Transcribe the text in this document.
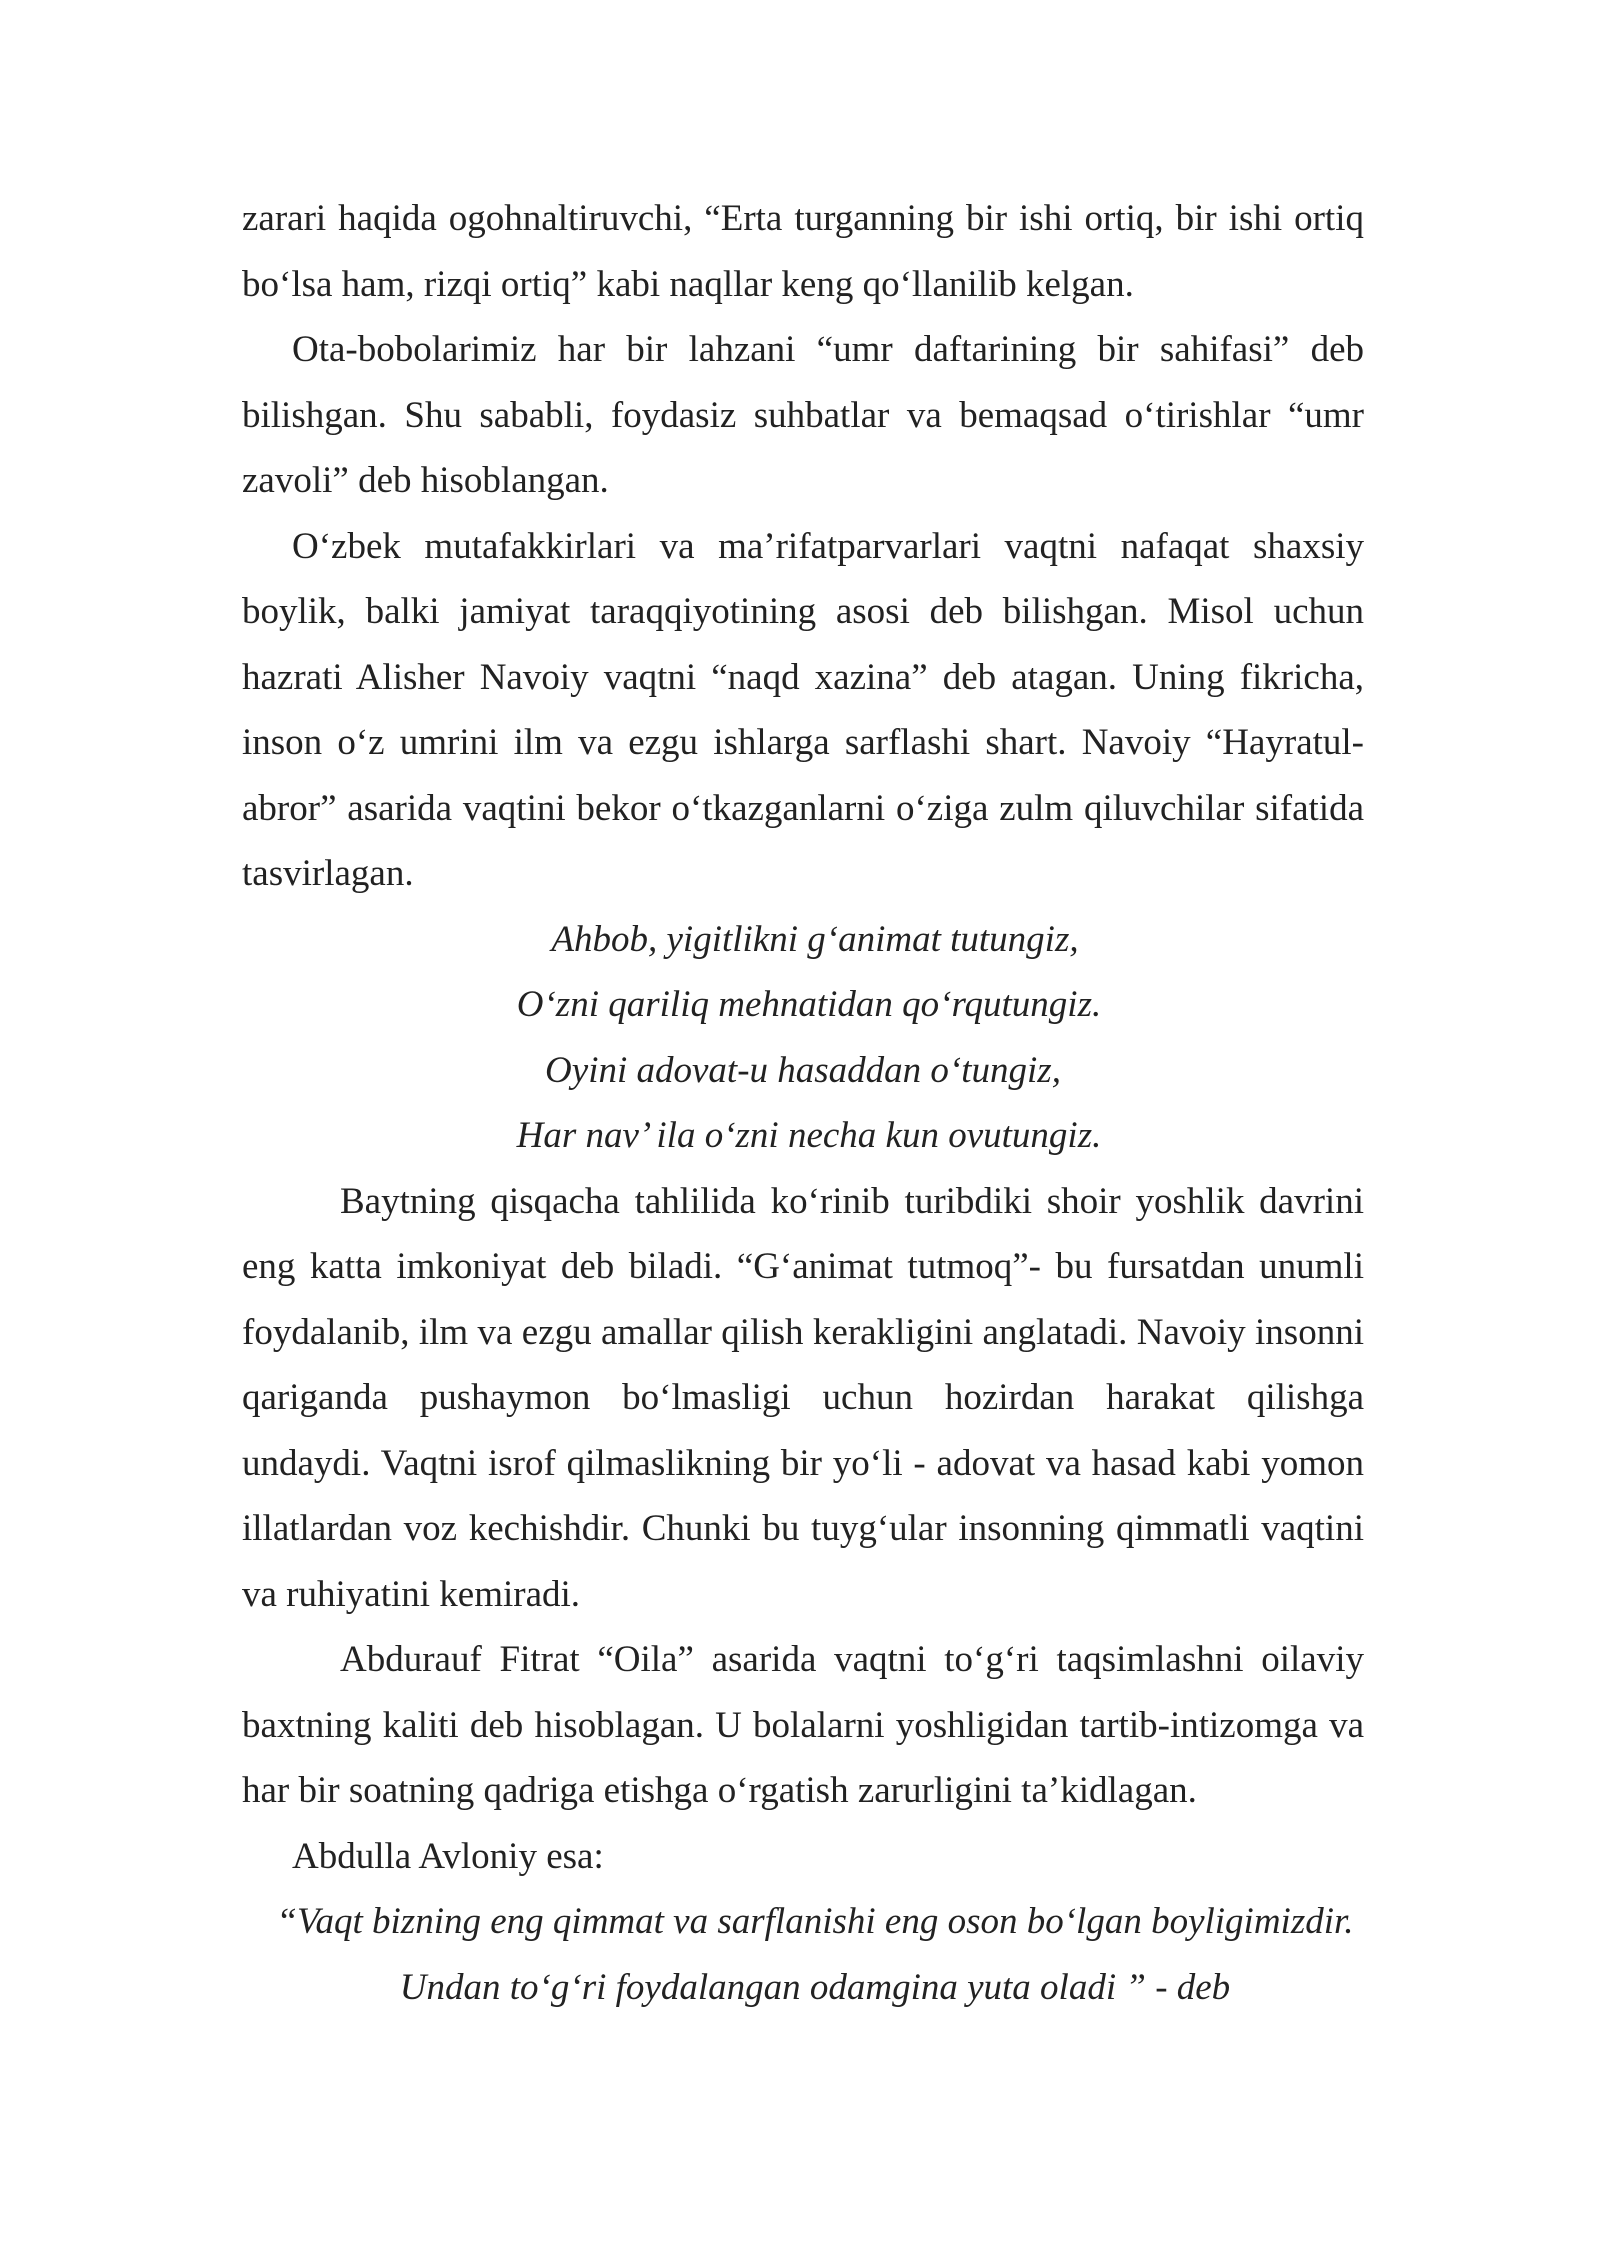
zarari haqida ogohnaltiruvchi, “Erta turganning bir ishi ortiq, bir ishi ortiq bo‘lsa ham, rizqi ortiq” kabi naqllar keng qo‘llanilib kelgan.

Ota-bobolarimiz har bir lahzani “umr daftarining bir sahifasi” deb bilishgan. Shu sababli, foydasiz suhbatlar va bemaqsad o‘tirishlar “umr zavoli” deb hisoblangan.

O‘zbek mutafakkirlari va ma’rifatparvarlari vaqtni nafaqat shaxsiy boylik, balki jamiyat taraqqiyotining asosi deb bilishgan. Misol uchun hazrati Alisher Navoiy vaqtni “naqd xazina” deb atagan. Uning fikricha, inson o‘z umrini ilm va ezgu ishlarga sarflashi shart. Navoiy “Hayratul-abror” asarida vaqtini bekor o‘tkazganlarni o‘ziga zulm qiluvchilar sifatida tasvirlagan.

Ahbob, yigitlikni g‘animat tutungiz,

O‘zni qariliq mehnatidan qo‘rqutungiz.

Oyini adovat-u hasaddan o‘tungiz,

Har nav’ ila o‘zni necha kun ovutungiz.

Baytning qisqacha tahlilida ko‘rinib turibdiki shoir yoshlik davrini eng katta imkoniyat deb biladi. “G‘animat tutmoq”- bu fursatdan unumli foydalanib, ilm va ezgu amallar qilish kerakligini anglatadi. Navoiy insonni qariganda pushaymon bo‘lmasligi uchun hozirdan harakat qilishga undaydi. Vaqtni isrof qilmaslikning bir yo‘li - adovat va hasad kabi yomon illatlardan voz kechishdir. Chunki bu tuyg‘ular insonning qimmatli vaqtini va ruhiyatini kemiradi.

Abdurauf Fitrat “Oila” asarida vaqtni to‘g‘ri taqsimlashni oilaviy baxtning kaliti deb hisoblagan. U bolalarni yoshligidan tartib-intizomga va har bir soatning qadriga etishga o‘rgatish zarurligini ta’kidlagan.

Abdulla Avloniy esa:

“Vaqt bizning eng qimmat va sarflanishi eng oson bo‘lgan boyligimizdir.

Undan to‘g‘ri foydalangan odamgina yuta oladi ” - deb
